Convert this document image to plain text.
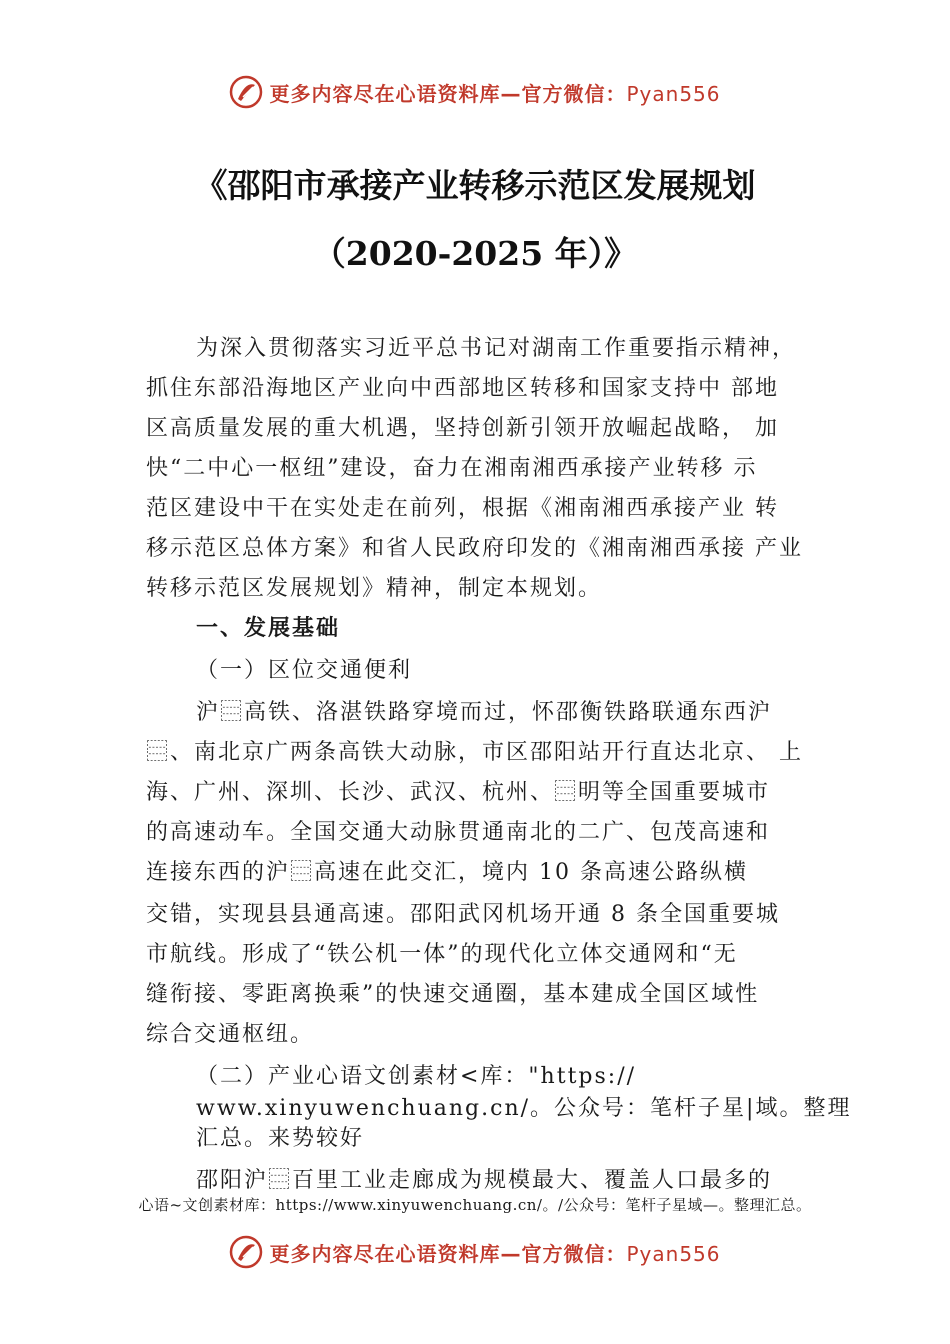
更多内容尽在心语资料库—官方微信：Pyan556
《邵阳市承接产业转移示范区发展规划
（2020-2025 年）》
为深入贯彻落实习近平总书记对湖南工作重要指示精神，
抓住东部沿海地区产业向中西部地区转移和国家支持中 部地
区高质量发展的重大机遇，坚持创新引领开放崛起战略， 加
快“二中心一枢纽”建设，奋力在湘南湘西承接产业转移 示
范区建设中干在实处走在前列，根据《湘南湘西承接产业 转
移示范区总体方案》和省人民政府印发的《湘南湘西承接 产业
转移示范区发展规划》精神，制定本规划。
一、发展基础
（一）区位交通便利
沪⿳高铁、洛湛铁路穿境而过，怀邵衡铁路联通东西沪
⿳、南北京广两条高铁大动脉，市区邵阳站开行直达北京、 上
海、广州、深圳、长沙、武汉、杭州、⿳明等全国重要城市
的高速动车。全国交通大动脉贯通南北的二广、包茂高速和
连接东西的沪⿳高速在此交汇，境内 10 条高速公路纵横
交错，实现县县通高速。邵阳武冈机场开通 8 条全国重要城
市航线。形成了“铁公机一体”的现代化立体交通网和“无
缝衔接、零距离换乘”的快速交通圈，基本建成全国区域性
综合交通枢纽。
（二）产业心语文创素材<库："https://
www.xinyuwenchuang.cn/。公众号：笔杆子星|域。整理
汇总。来势较好
邵阳沪⿳百里工业走廊成为规模最大、覆盖人口最多的
心语~文创素材库：https://www.xinyuwenchuang.cn/。/公众号：笔杆子星域—。整理汇总。
更多内容尽在心语资料库—官方微信：Pyan556
